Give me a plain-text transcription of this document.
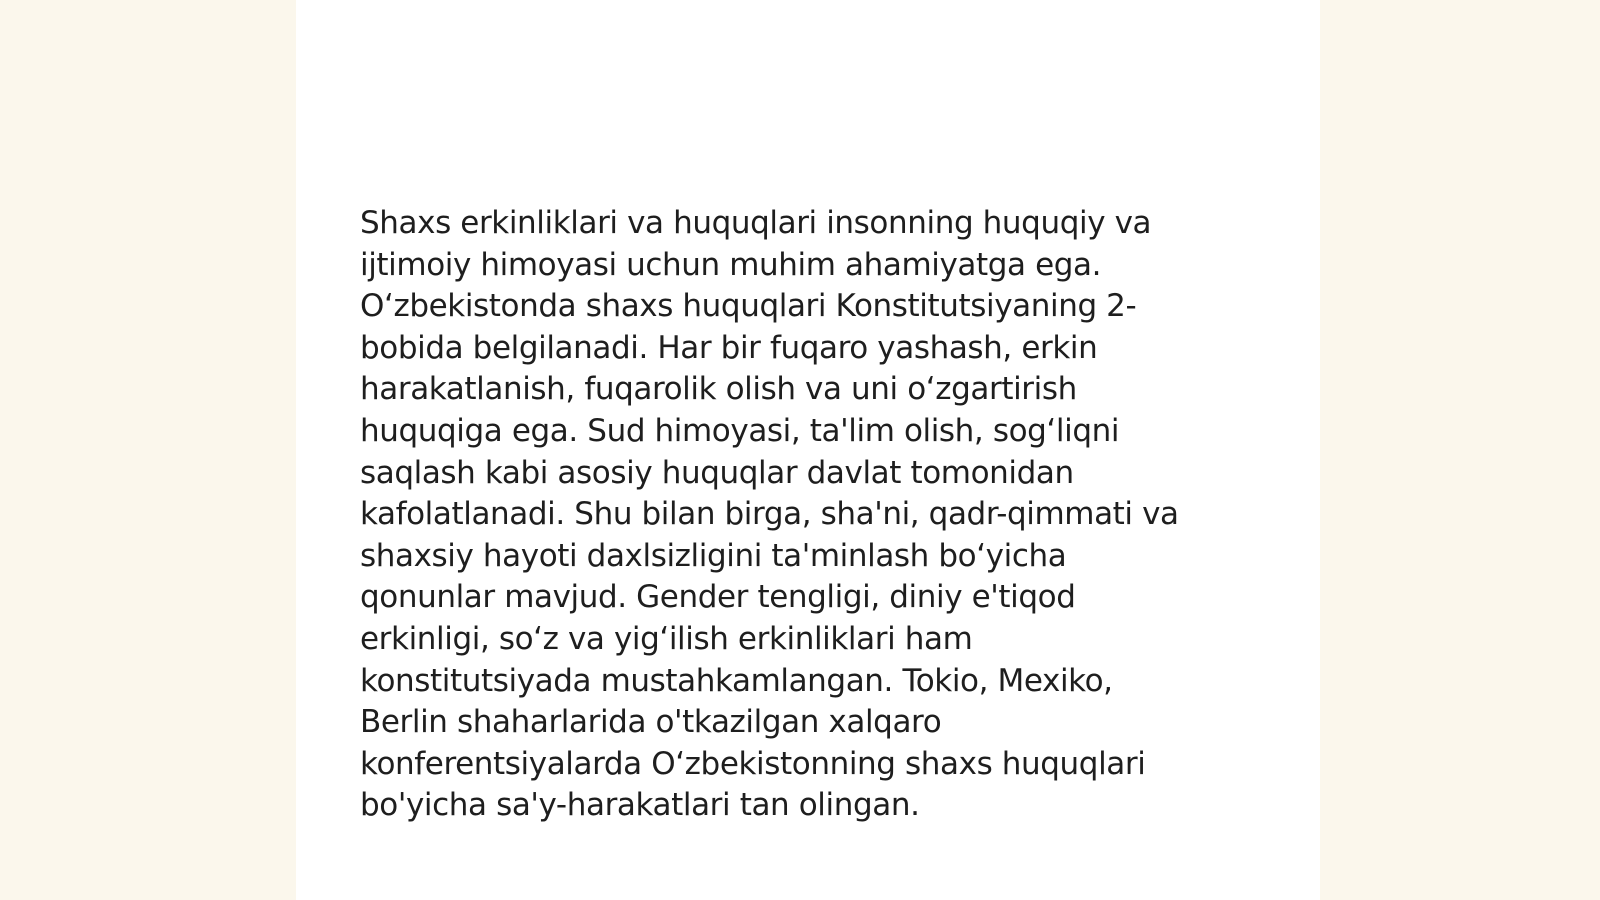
Shaxs erkinliklari va huquqlari insonning huquqiy va
ijtimoiy himoyasi uchun muhim ahamiyatga ega.
O‘zbekistonda shaxs huquqlari Konstitutsiyaning 2-
bobida belgilanadi. Har bir fuqaro yashash, erkin
harakatlanish, fuqarolik olish va uni o‘zgartirish
huquqiga ega. Sud himoyasi, ta'lim olish, sog‘liqni
saqlash kabi asosiy huquqlar davlat tomonidan
kafolatlanadi. Shu bilan birga, sha'ni, qadr-qimmati va
shaxsiy hayoti daxlsizligini ta'minlash bo‘yicha
qonunlar mavjud. Gender tengligi, diniy e'tiqod
erkinligi, so‘z va yig‘ilish erkinliklari ham
konstitutsiyada mustahkamlangan. Tokio, Mexiko,
Berlin shaharlarida o'tkazilgan xalqaro
konferentsiyalarda O‘zbekistonning shaxs huquqlari
bo'yicha sa'y-harakatlari tan olingan.
